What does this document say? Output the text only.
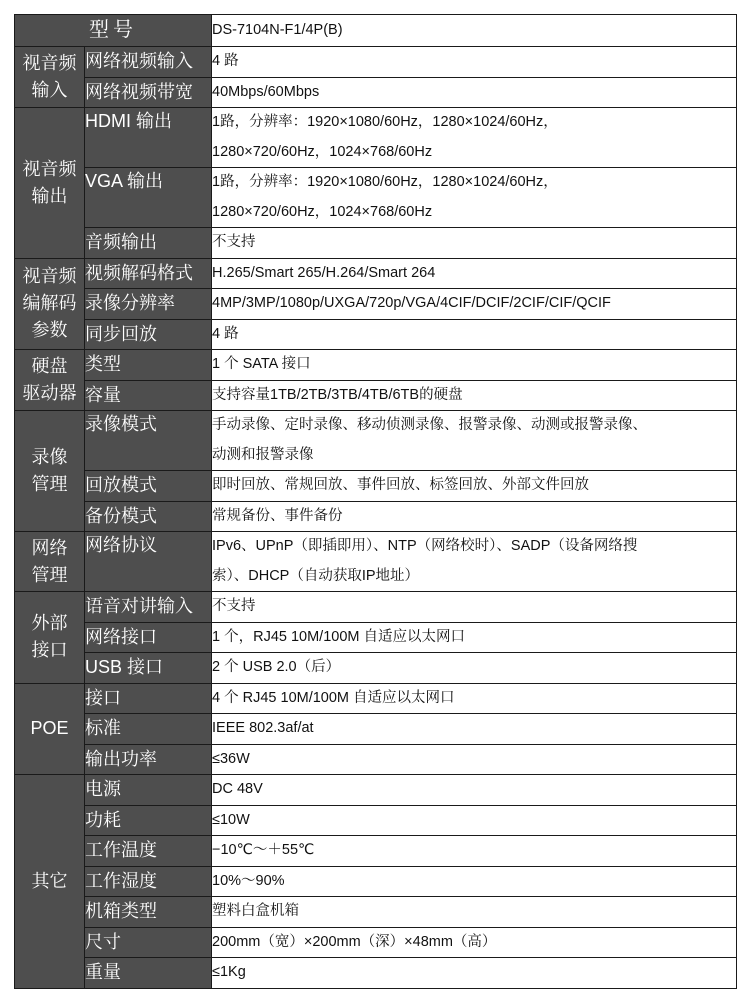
型号		DS-7104N-F1/4P(B)

视音频
输入	网络视频输入	4 路
	网络视频带宽	40Mbps/60Mbps

视音频
输出	HDMI 输出	1路，分辨率：1920×1080/60Hz，1280×1024/60Hz，
1280×720/60Hz，1024×768/60Hz

	VGA 输出	1路，分辨率：1920×1080/60Hz，1280×1024/60Hz，
1280×720/60Hz，1024×768/60Hz

	音频输出	不支持

视音频
编解码
参数	视频解码格式	H.265/Smart 265/H.264/Smart 264
	录像分辨率	4MP/3MP/1080p/UXGA/720p/VGA/4CIF/DCIF/2CIF/CIF/QCIF
	同步回放	4 路

硬盘
驱动器	类型	1 个 SATA 接口
	容量	支持容量1TB/2TB/3TB/4TB/6TB的硬盘

录像
管理	录像模式	手动录像、定时录像、移动侦测录像、报警录像、动测或报警录像、
动测和报警录像

	回放模式	即时回放、常规回放、事件回放、标签回放、外部文件回放
	备份模式	常规备份、事件备份

网络
管理	网络协议	IPv6、UPnP（即插即用）、NTP（网络校时）、SADP（设备网络搜
索）、DHCP（自动获取IP地址）

外部
接口	语音对讲输入	不支持
	网络接口	1 个，RJ45 10M/100M 自适应以太网口
	USB 接口	2 个 USB 2.0（后）

POE	接口	4 个 RJ45 10M/100M 自适应以太网口
	标准	IEEE 802.3af/at
	输出功率	≤36W

其它	电源	DC 48V
	功耗	≤10W
	工作温度	−10℃～＋55℃
	工作湿度	10%～90%
	机箱类型	塑料白盒机箱
	尺寸	200mm（宽）×200mm（深）×48mm（高）
	重量	≤1Kg
